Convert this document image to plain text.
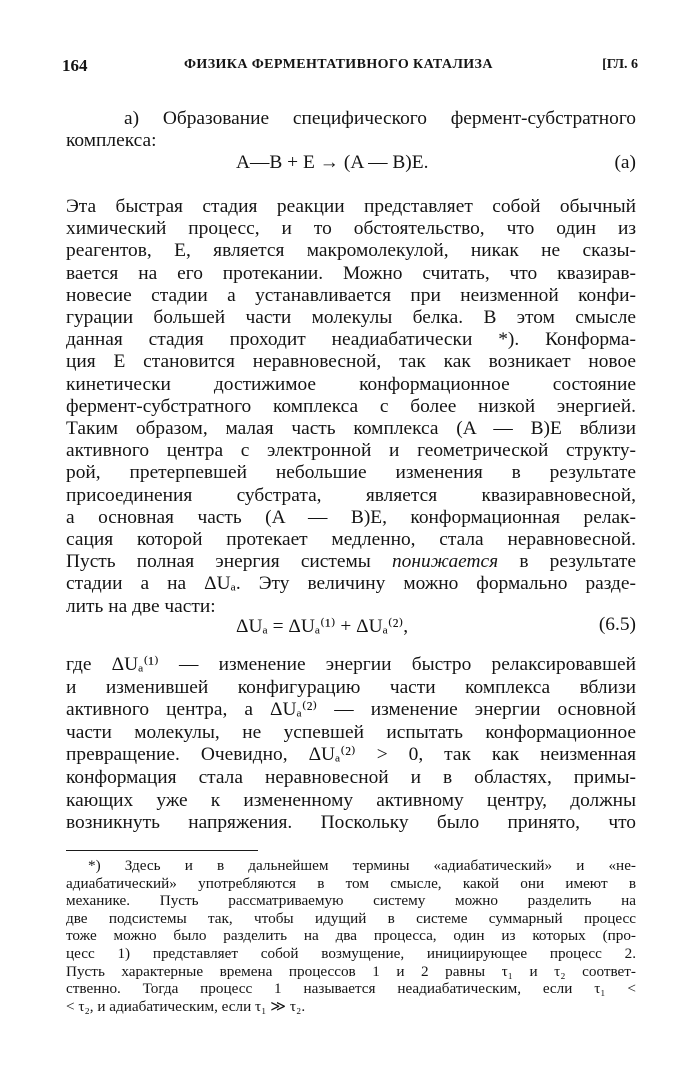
164	ФИЗИКА ФЕРМЕНТАТИВНОГО КАТАЛИЗА	[ГЛ. 6
а) Образование специфического фермент-субстратного
комплекса:
A—B + E → (A — B)E.	(a)
Эта быстрая стадия реакции представляет собой обычный
химический процесс, и то обстоятельство, что один из
реагентов, E, является макромолекулой, никак не сказы-
вается на его протекании. Можно считать, что квазирав-
новесие стадии а устанавливается при неизменной конфи-
гурации большей части молекулы белка. В этом смысле
данная стадия проходит неадиабатически *). Конформа-
ция E становится неравновесной, так как возникает новое
кинетически достижимое конформационное состояние
фермент-субстратного комплекса с более низкой энергией.
Таким образом, малая часть комплекса (A — B)E вблизи
активного центра с электронной и геометрической структу-
рой, претерпевшей небольшие изменения в результате
присоединения субстрата, является квазиравновесной,
а основная часть (A — B)E, конформационная релак-
сация которой протекает медленно, стала неравновесной.
Пусть полная энергия системы понижается в результате
стадии а на ΔUₐ. Эту величину можно формально разде-
лить на две части:
ΔUₐ = ΔUₐ⁽¹⁾ + ΔUₐ⁽²⁾,	(6.5)
где ΔUₐ⁽¹⁾ — изменение энергии быстро релаксировавшей
и изменившей конфигурацию части комплекса вблизи
активного центра, а ΔUₐ⁽²⁾ — изменение энергии основной
части молекулы, не успевшей испытать конформационное
превращение. Очевидно, ΔUₐ⁽²⁾ > 0, так как неизменная
конформация стала неравновесной и в областях, примы-
кающих уже к измененному активному центру, должны
возникнуть напряжения. Поскольку было принято, что
*) Здесь и в дальнейшем термины «адиабатический» и «не-
адиабатический» употребляются в том смысле, какой они имеют в
механике. Пусть рассматриваемую систему можно разделить на
две подсистемы так, чтобы идущий в системе суммарный процесс
тоже можно было разделить на два процесса, один из которых (про-
цесс 1) представляет собой возмущение, инициирующее процесс 2.
Пусть характерные времена процессов 1 и 2 равны τ₁ и τ₂ соответ-
ственно. Тогда процесс 1 называется неадиабатическим, если τ₁ <
< τ₂, и адиабатическим, если τ₁ ≫ τ₂.
